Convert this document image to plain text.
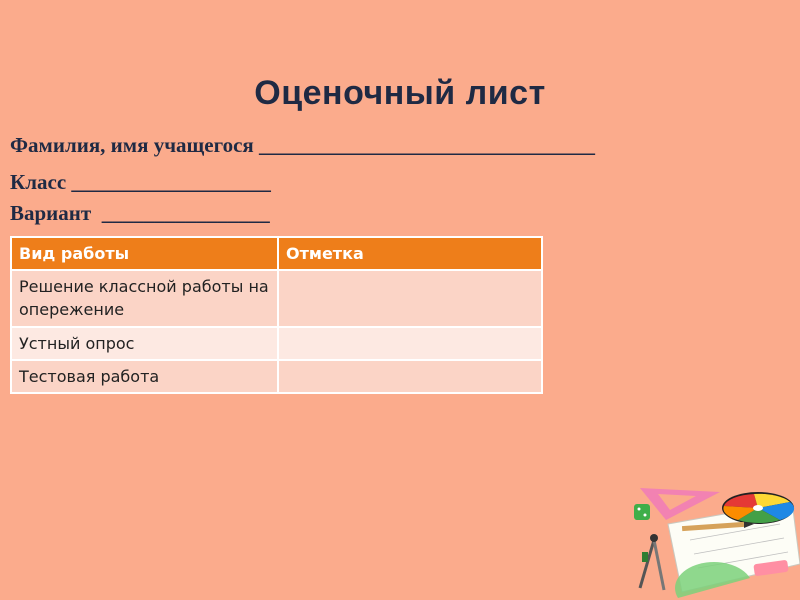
Оценочный лист
Фамилия, имя учащегося ________________________________
Класс ___________________
Вариант  ________________
Вид работы	Отметка
Решение классной работы на опережение	
Устный опрос	
Тестовая работа	
